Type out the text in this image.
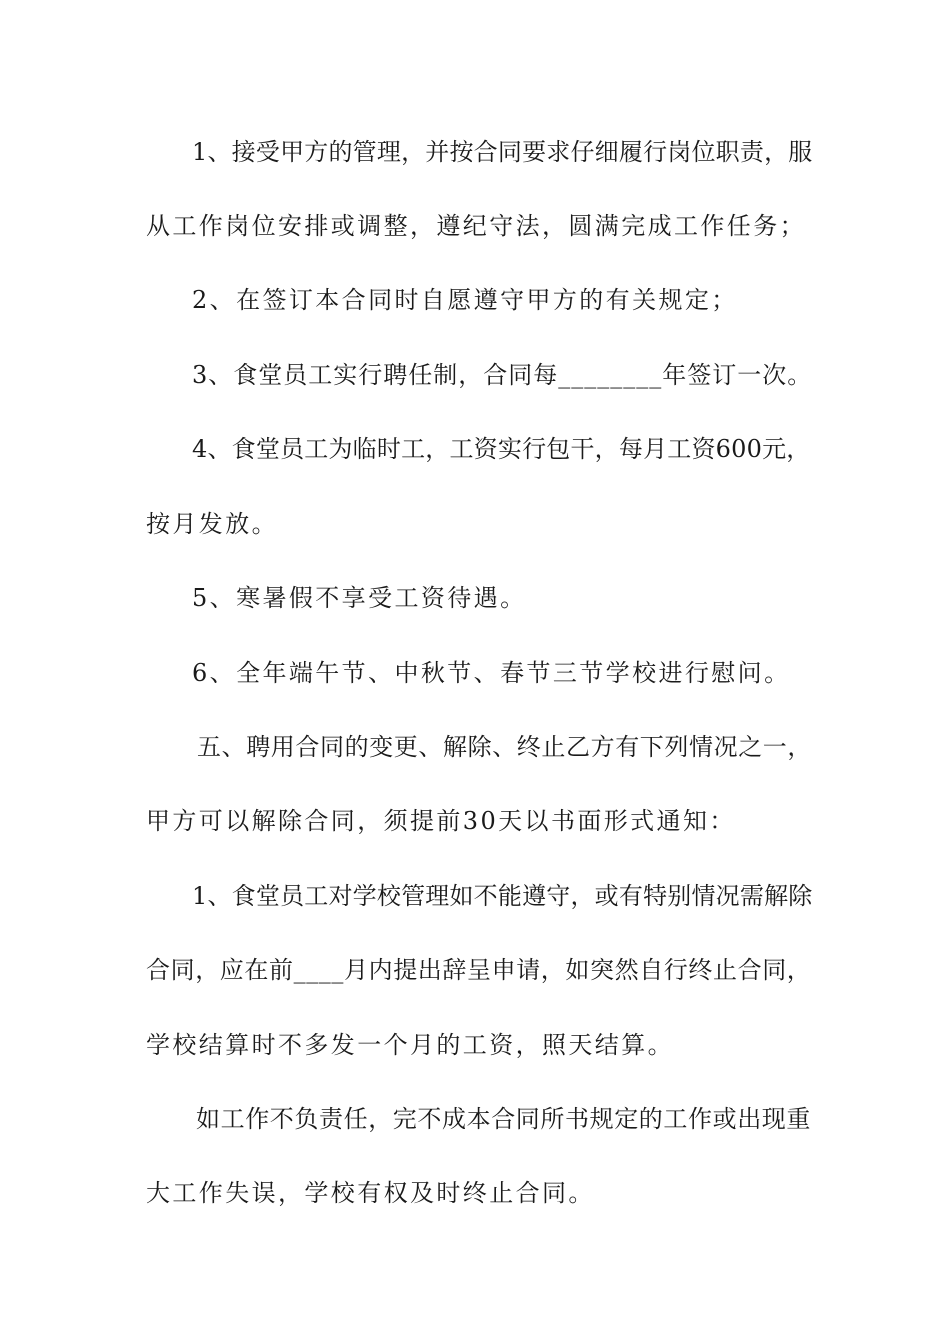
1、接受甲方的管理，并按合同要求仔细履行岗位职责，服

从工作岗位安排或调整，遵纪守法，圆满完成工作任务；

2、在签订本合同时自愿遵守甲方的有关规定；

3、食堂员工实行聘任制，合同每________年签订一次。

4、食堂员工为临时工，工资实行包干，每月工资600元，

按月发放。

5、寒暑假不享受工资待遇。

6、全年端午节、中秋节、春节三节学校进行慰问。

五、聘用合同的变更、解除、终止乙方有下列情况之一，

甲方可以解除合同，须提前30天以书面形式通知：

1、食堂员工对学校管理如不能遵守，或有特别情况需解除

合同，应在前____月内提出辞呈申请，如突然自行终止合同，

学校结算时不多发一个月的工资，照天结算。

如工作不负责任，完不成本合同所书规定的工作或出现重

大工作失误，学校有权及时终止合同。
